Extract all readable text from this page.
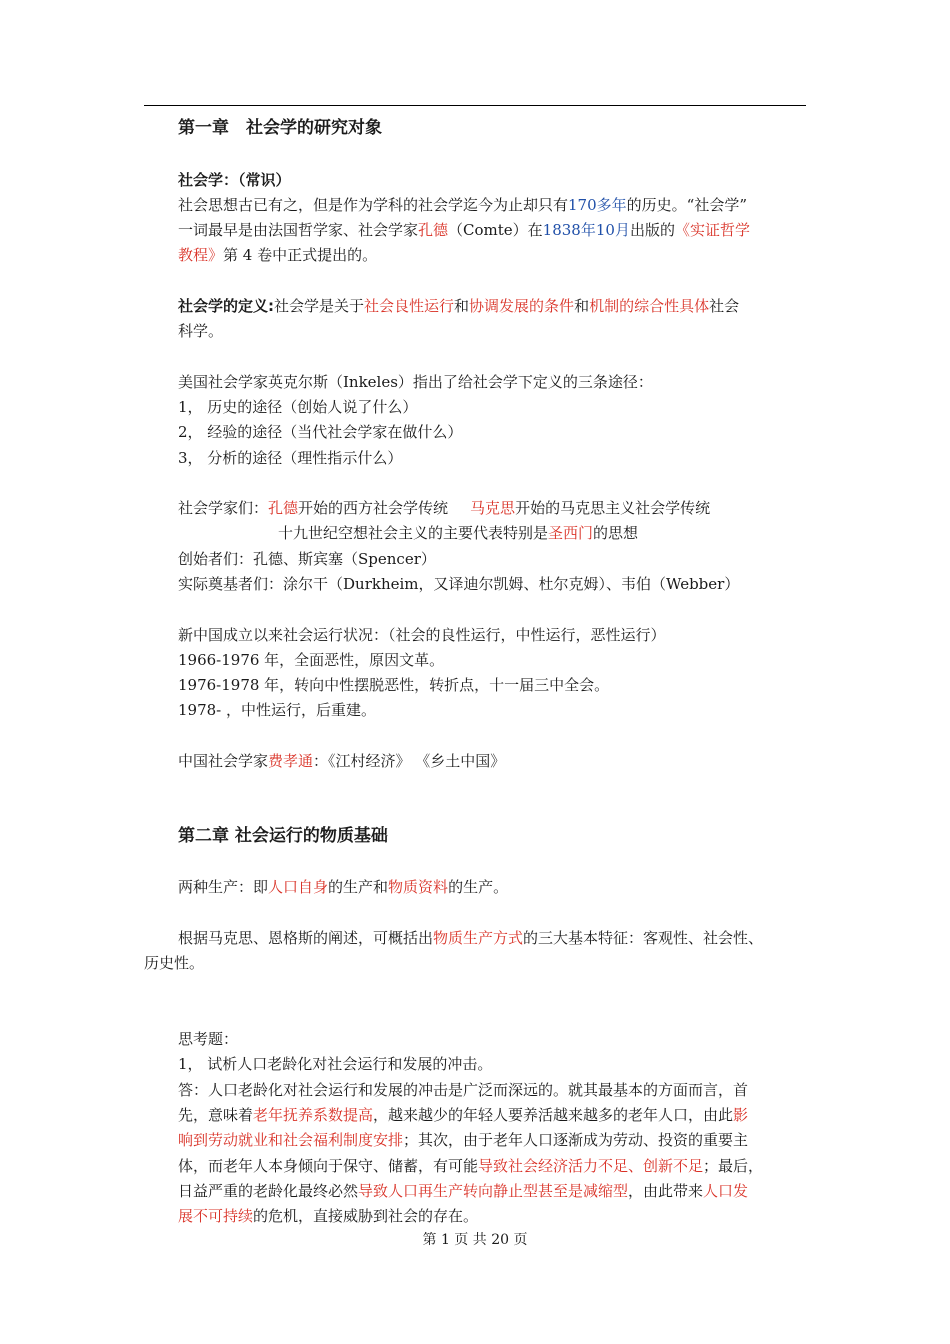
第一章　社会学的研究对象
社会学：（常识）
社会思想古已有之，但是作为学科的社会学迄今为止却只有170多年的历史。“社会学”
一词最早是由法国哲学家、社会学家孔德（Comte）在1838年10月出版的《实证哲学
教程》第 4 卷中正式提出的。
社会学的定义:社会学是关于社会良性运行和协调发展的条件和机制的综合性具体社会
科学。
美国社会学家英克尔斯（Inkeles）指出了给社会学下定义的三条途径：
1， 历史的途径（创始人说了什么）
2， 经验的途径（当代社会学家在做什么）
3， 分析的途径（理性指示什么）
社会学家们：孔德开始的西方社会学传统 马克思开始的马克思主义社会学传统
十九世纪空想社会主义的主要代表特别是圣西门的思想
创始者们：孔德、斯宾塞（Spencer）
实际奠基者们：涂尔干（Durkheim，又译迪尔凯姆、杜尔克姆）、韦伯（Webber）
新中国成立以来社会运行状况：（社会的良性运行，中性运行，恶性运行）
1966-1976 年，全面恶性，原因文革。
1976-1978 年，转向中性摆脱恶性，转折点，十一届三中全会。
1978- ，中性运行，后重建。
中国社会学家费孝通：《江村经济》 《乡土中国》
第二章 社会运行的物质基础
两种生产：即人口自身的生产和物质资料的生产。
根据马克思、恩格斯的阐述，可概括出物质生产方式的三大基本特征：客观性、社会性、
历史性。
思考题：
1， 试析人口老龄化对社会运行和发展的冲击。
答：人口老龄化对社会运行和发展的冲击是广泛而深远的。就其最基本的方面而言，首
先，意味着老年抚养系数提高，越来越少的年轻人要养活越来越多的老年人口，由此影
响到劳动就业和社会福利制度安排；其次，由于老年人口逐渐成为劳动、投资的重要主
体，而老年人本身倾向于保守、储蓄，有可能导致社会经济活力不足、创新不足；最后，
日益严重的老龄化最终必然导致人口再生产转向静止型甚至是减缩型，由此带来人口发
展不可持续的危机，直接威胁到社会的存在。
第 1 页 共 20 页
